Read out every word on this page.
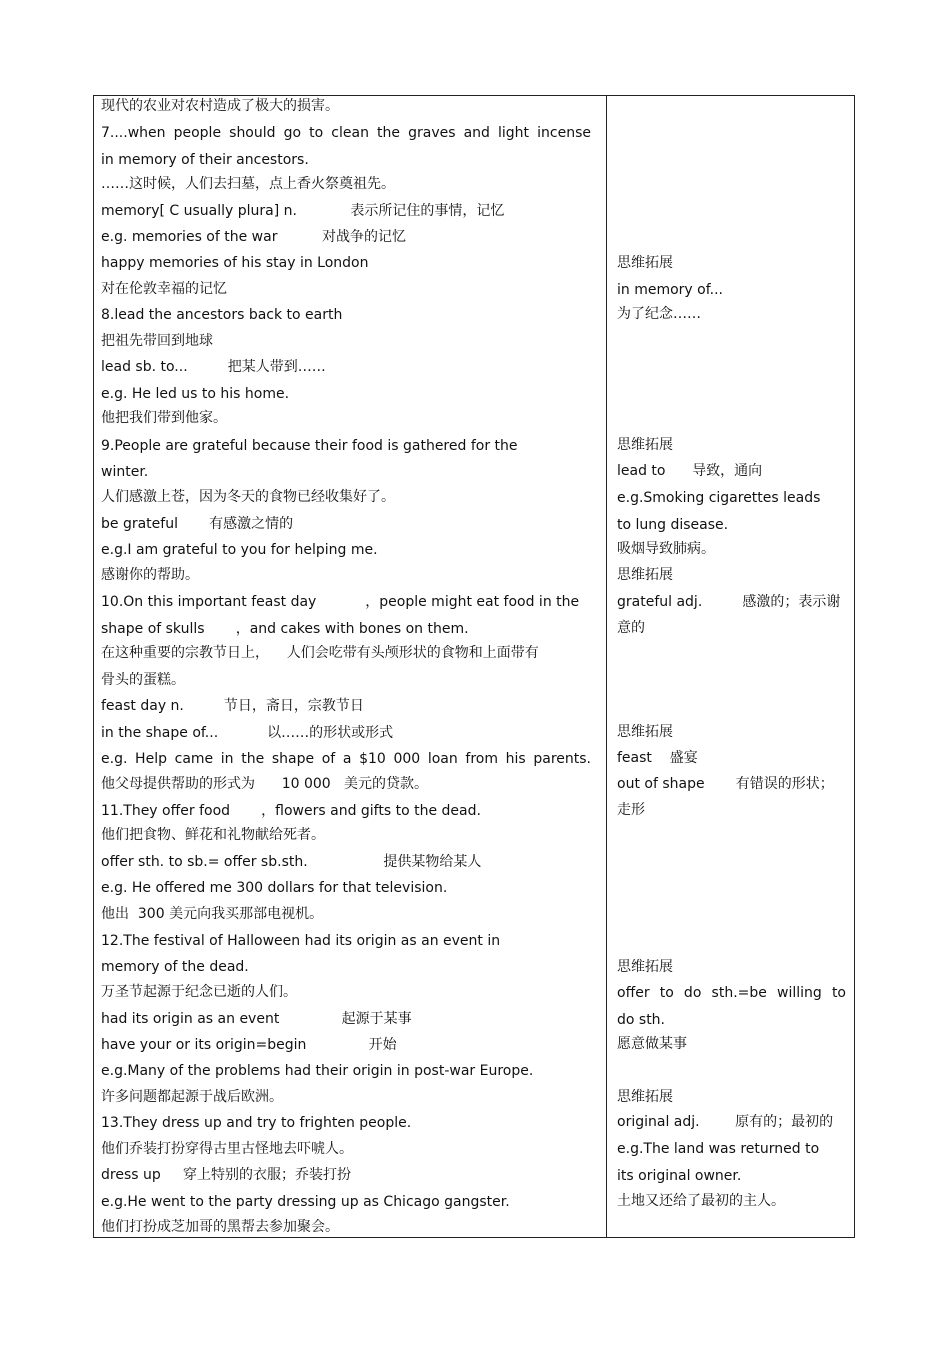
现代的农业对农村造成了极大的损害。
7....when people should go to clean the graves and light incense
in memory of their ancestors.
……这时候，人们去扫墓，点上香火祭奠祖先。
memory[ C usually plura] n.            表示所记住的事情，记忆
e.g. memories of the war          对战争的记忆
happy memories of his stay in London
对在伦敦幸福的记忆
8.lead the ancestors back to earth
把祖先带回到地球
lead sb. to...         把某人带到……
e.g. He led us to his home.
他把我们带到他家。
9.People are grateful because their food is gathered for the
winter.
人们感激上苍，因为冬天的食物已经收集好了。
be grateful       有感激之情的
e.g.I am grateful to you for helping me.
感谢你的帮助。
10.On this important feast day           ，people might eat food in the
shape of skulls       ，and cakes with bones on them.
在这种重要的宗教节日上，    人们会吃带有头颅形状的食物和上面带有
骨头的蛋糕。
feast day n.         节日，斋日，宗教节日
in the shape of...           以……的形状或形式
e.g. Help came in the shape of a $10 000 loan from his parents.
他父母提供帮助的形式为      10 000   美元的贷款。
11.They offer food       ，flowers and gifts to the dead.
他们把食物、鲜花和礼物献给死者。
offer sth. to sb.= offer sb.sth.                 提供某物给某人
e.g. He offered me 300 dollars for that television.
他出  300 美元向我买那部电视机。
12.The festival of Halloween had its origin as an event in
memory of the dead.
万圣节起源于纪念已逝的人们。
had its origin as an event              起源于某事
have your or its origin=begin              开始
e.g.Many of the problems had their origin in post-war Europe.
许多问题都起源于战后欧洲。
13.They dress up and try to frighten people.
他们乔装打扮穿得古里古怪地去吓唬人。
dress up     穿上特别的衣服；乔装打扮
e.g.He went to the party dressing up as Chicago gangster.
他们打扮成芝加哥的黑帮去参加聚会。
思维拓展
in memory of...
为了纪念……
思维拓展
lead to      导致，通向
e.g.Smoking cigarettes leads
to lung disease.
吸烟导致肺病。
思维拓展
grateful adj.         感激的；表示谢
意的
思维拓展
feast    盛宴
out of shape       有错误的形状；
走形
思维拓展
offer to do sth.=be willing to
do sth.
愿意做某事
思维拓展
original adj.        原有的；最初的
e.g.The land was returned to
its original owner.
土地又还给了最初的主人。
